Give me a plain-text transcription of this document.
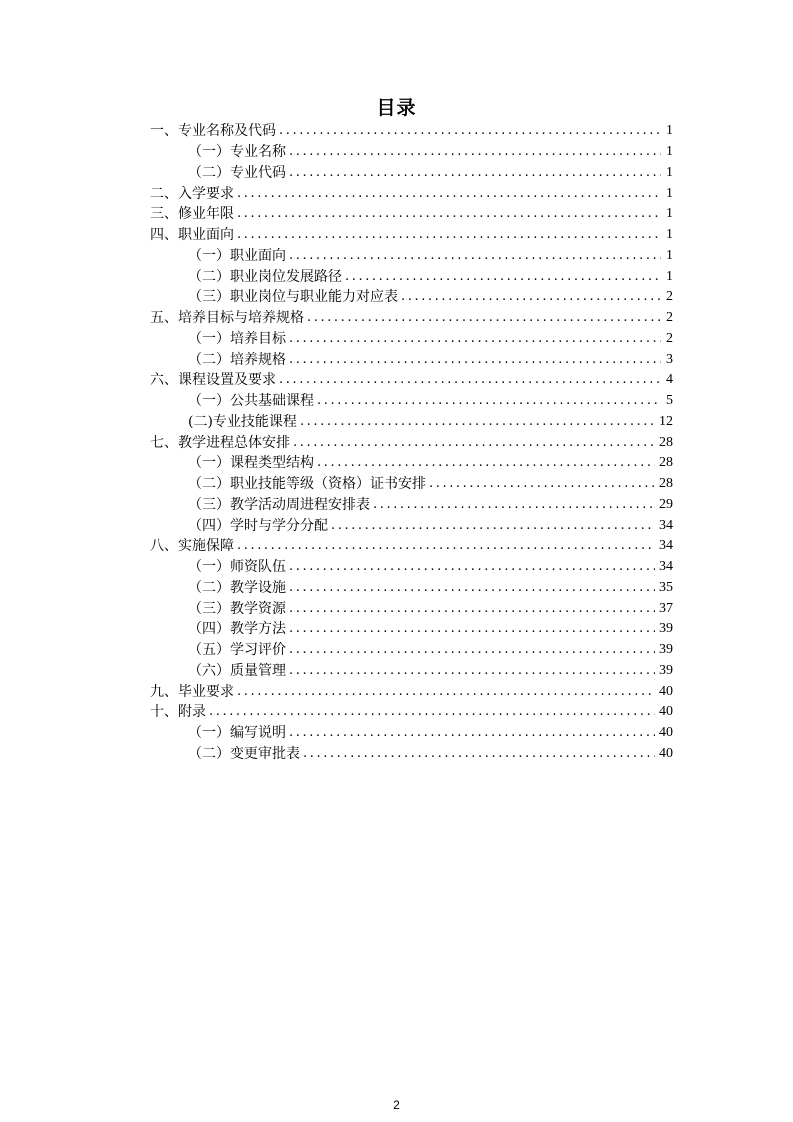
目录
一、专业名称及代码 .....	1
（一）专业名称 .....	1
（二）专业代码 .....	1
二、入学要求 .....	1
三、修业年限 .....	1
四、职业面向 .....	1
（一）职业面向 .....	1
（二）职业岗位发展路径 .....	1
（三）职业岗位与职业能力对应表 .....	2
五、培养目标与培养规格 .....	2
（一）培养目标 .....	2
（二）培养规格 .....	3
六、课程设置及要求 .....	4
（一）公共基础课程 .....	5
(二)专业技能课程 .....	12
七、教学进程总体安排 .....	28
（一）课程类型结构 .....	28
（二）职业技能等级（资格）证书安排 .....	28
（三）教学活动周进程安排表 .....	29
（四）学时与学分分配 .....	34
八、实施保障 .....	34
（一）师资队伍 .....	34
（二）教学设施 .....	35
（三）教学资源 .....	37
（四）教学方法 .....	39
（五）学习评价 .....	39
（六）质量管理 .....	39
九、毕业要求 .....	40
十、附录 .....	40
（一）编写说明 .....	40
（二）变更审批表 .....	40
2
